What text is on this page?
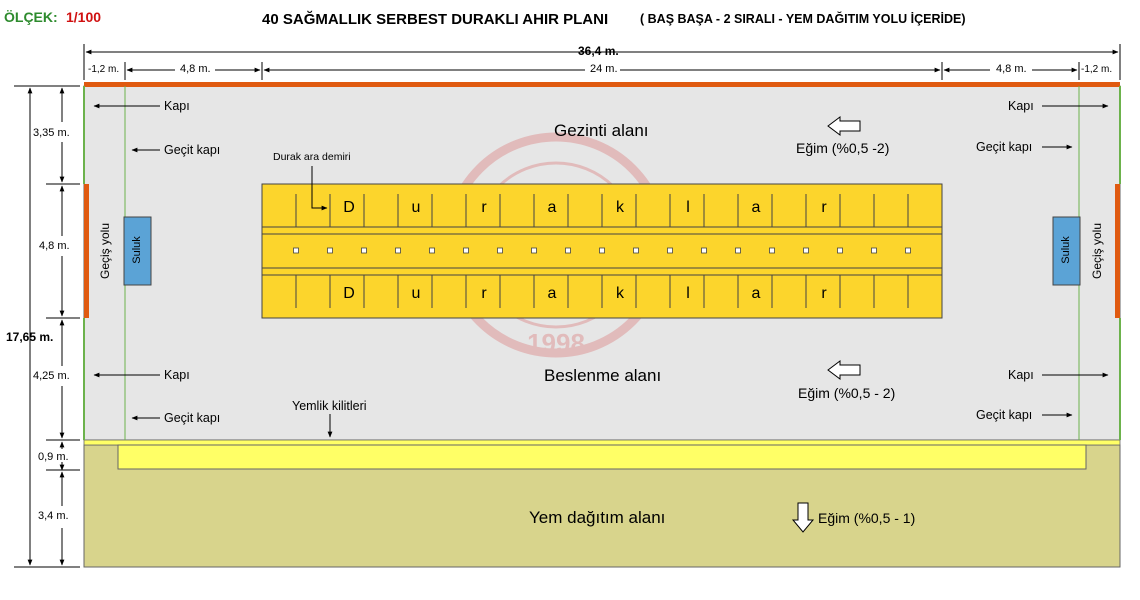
ÖLÇEK: 1/100	40 SAĞMALLIK SERBEST DURAKLI AHIR PLANI	( BAŞ BAŞA - 2 SIRALI - YEM DAĞITIM YOLU İÇERİDE)
1998
36,4 m.
-1,2 m.	4,8 m.	24 m.	4,8 m.	-1,2 m.
3,35 m.
4,8 m.
17,65 m.
4,25 m.
0,9 m.
3,4 m.
Kapı
Geçit kapı
Kapı
Geçit kapı
Kapı
Geçit kapı
Kapı
Geçit kapı
Durak ara demiri
Yemlik kilitleri
Gezinti alanı
Beslenme alanı
Yem dağıtım alanı
Eğim (%0,5 -2)
Eğim (%0,5 - 2)
Eğim (%0,5 - 1)
Geçiş yolu	Geçiş yolu
Suluk	Suluk
D	u	r	a	k	l	a	r
D	u	r	a	k	l	a	r
